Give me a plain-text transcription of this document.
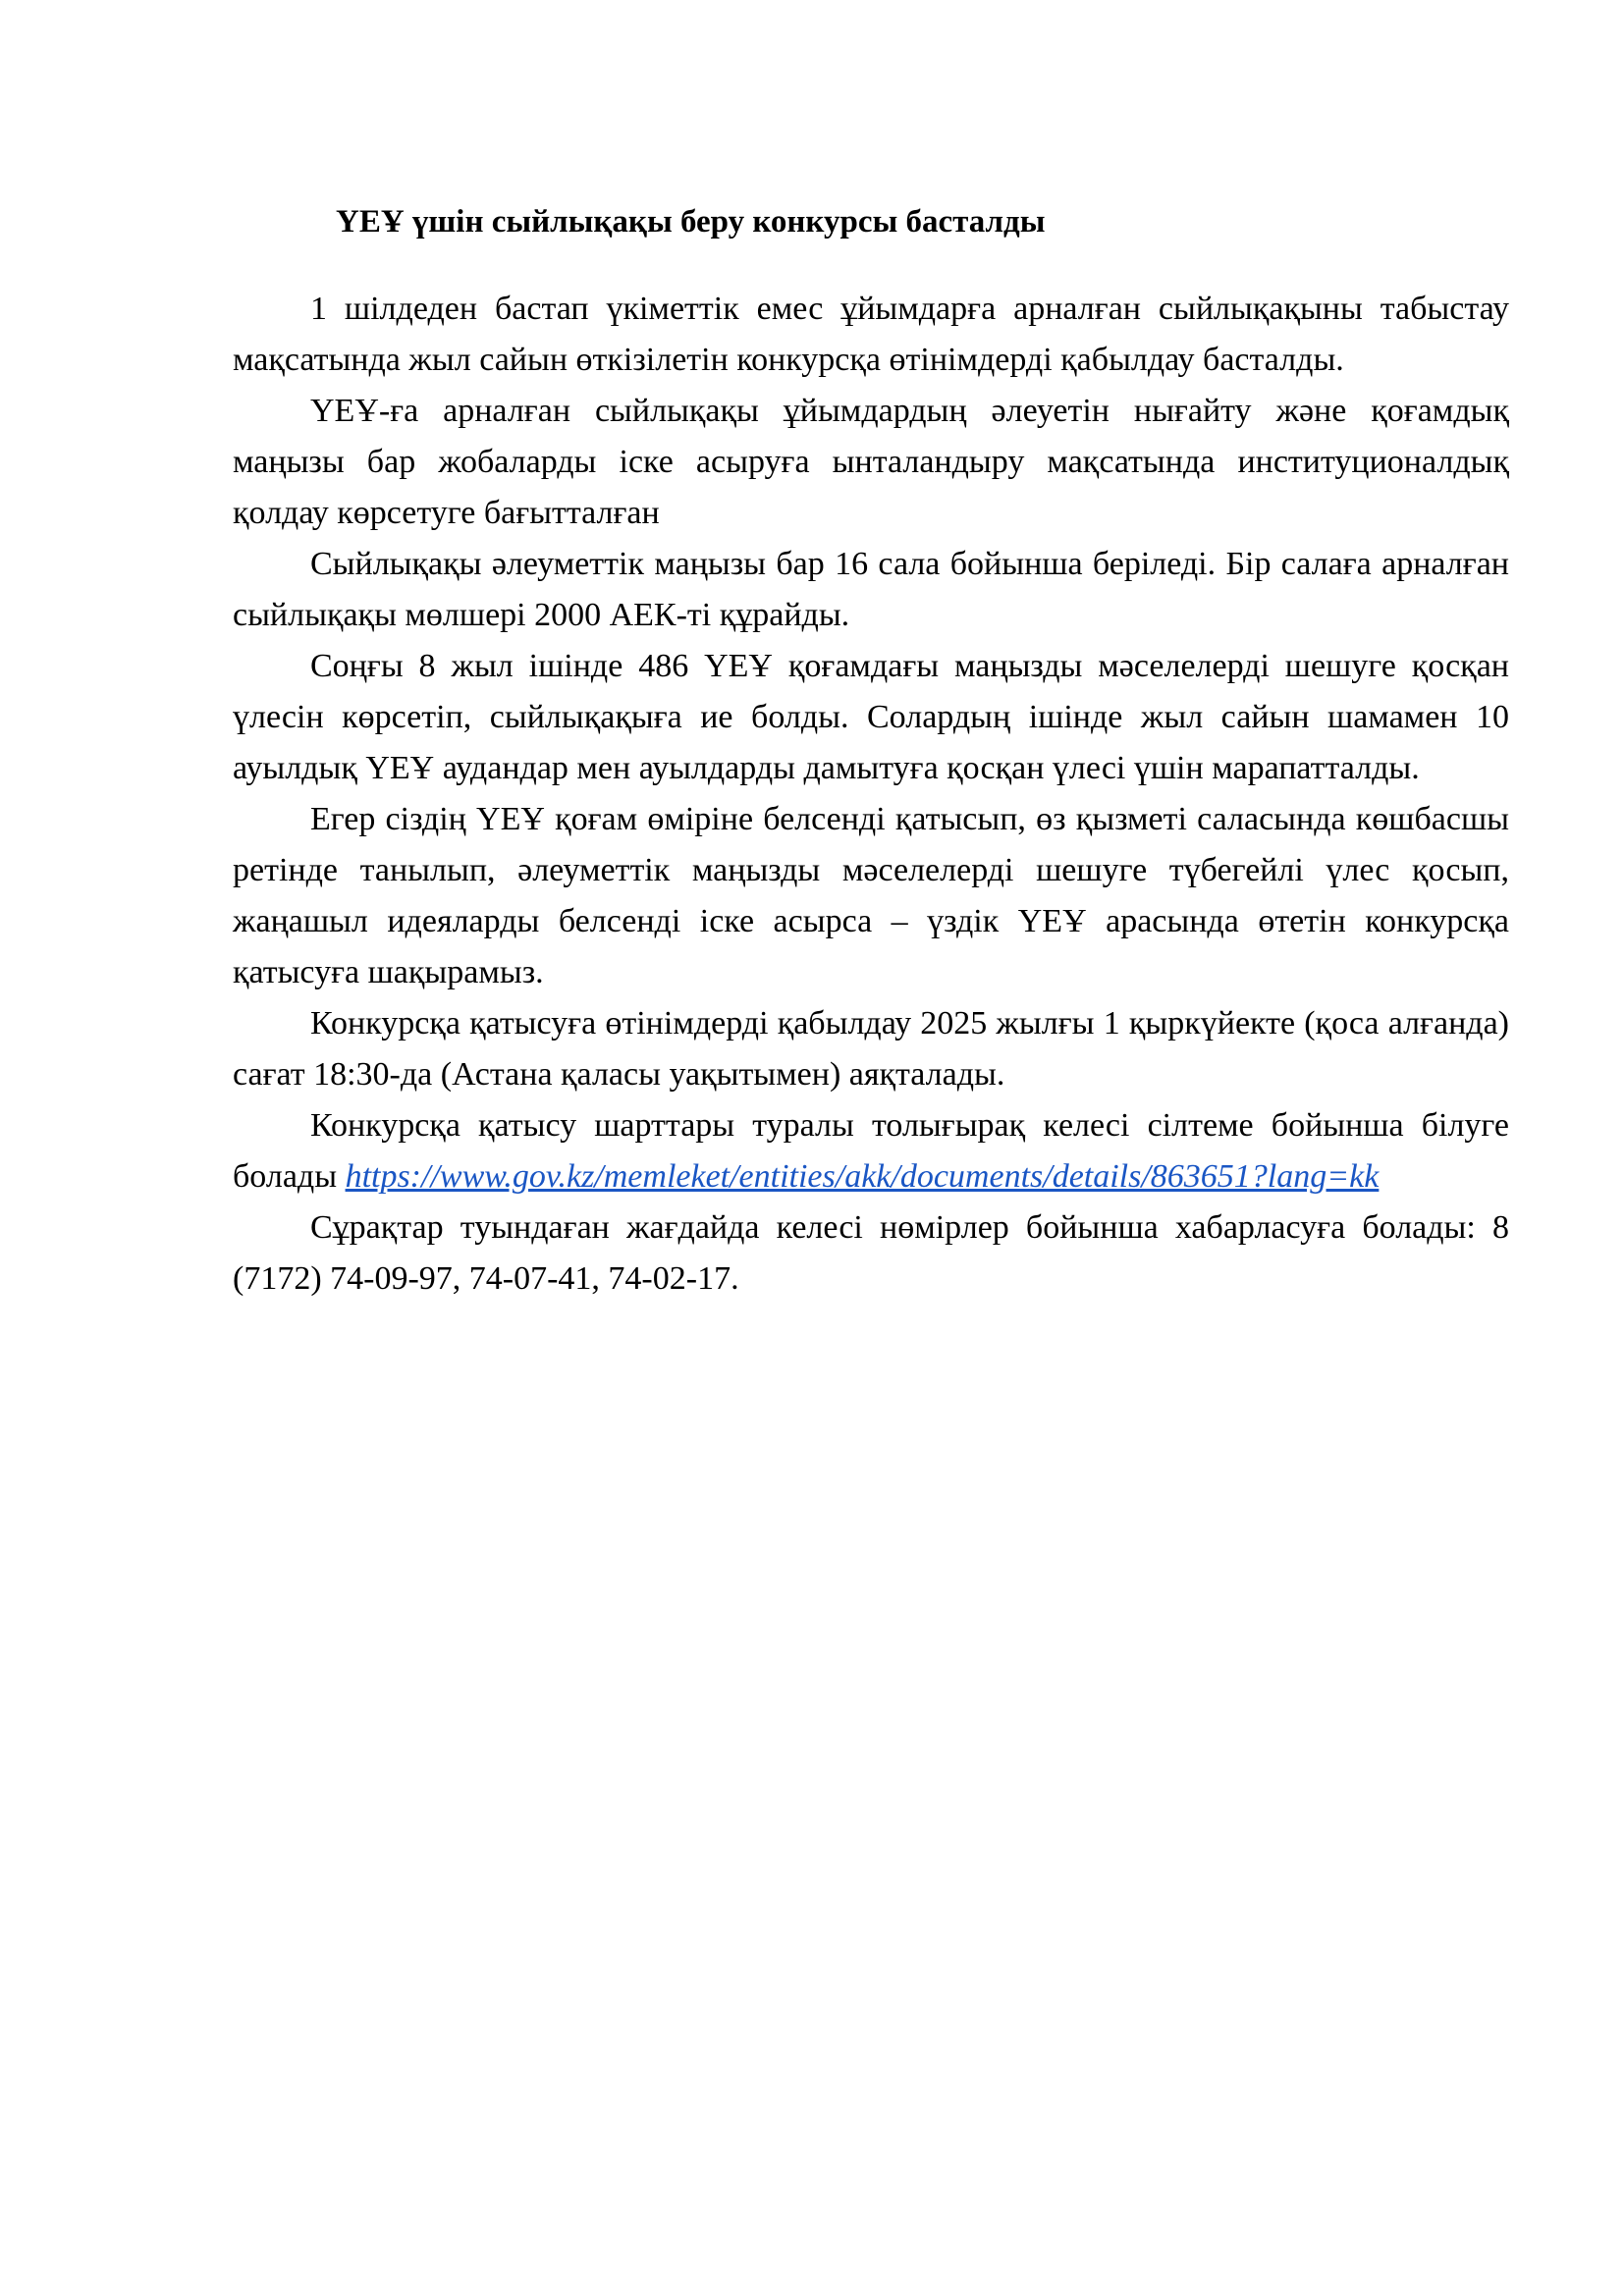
ҮЕҰ үшін сыйлықақы беру конкурсы басталды

1 шілдеден бастап үкіметтік емес ұйымдарға арналған сыйлықақыны табыстау мақсатында жыл сайын өткізілетін конкурсқа өтінімдерді қабылдау басталды.

ҮЕҰ-ға арналған сыйлықақы ұйымдардың әлеуетін нығайту және қоғамдық маңызы бар жобаларды іске асыруға ынталандыру мақсатында институционалдық қолдау көрсетуге бағытталған

Сыйлықақы әлеуметтік маңызы бар 16 сала бойынша беріледі. Бір салаға арналған сыйлықақы мөлшері 2000 АЕК-ті құрайды.

Соңғы 8 жыл ішінде 486 ҮЕҰ қоғамдағы маңызды мәселелерді шешуге қосқан үлесін көрсетіп, сыйлықақыға ие болды. Солардың ішінде жыл сайын шамамен 10 ауылдық ҮЕҰ аудандар мен ауылдарды дамытуға қосқан үлесі үшін марапатталды.

Егер сіздің ҮЕҰ қоғам өміріне белсенді қатысып, өз қызметі саласында көшбасшы ретінде танылып, әлеуметтік маңызды мәселелерді шешуге түбегейлі үлес қосып, жаңашыл идеяларды белсенді іске асырса – үздік ҮЕҰ арасында өтетін конкурсқа қатысуға шақырамыз.

Конкурсқа қатысуға өтінімдерді қабылдау 2025 жылғы 1 қыркүйекте (қоса алғанда) сағат 18:30-да (Астана қаласы уақытымен) аяқталады.

Конкурсқа қатысу шарттары туралы толығырақ келесі сілтеме бойынша білуге болады https://www.gov.kz/memleket/entities/akk/documents/details/863651?lang=kk

Сұрақтар туындаған жағдайда келесі нөмірлер бойынша хабарласуға болады: 8 (7172) 74-09-97, 74-07-41, 74-02-17.
